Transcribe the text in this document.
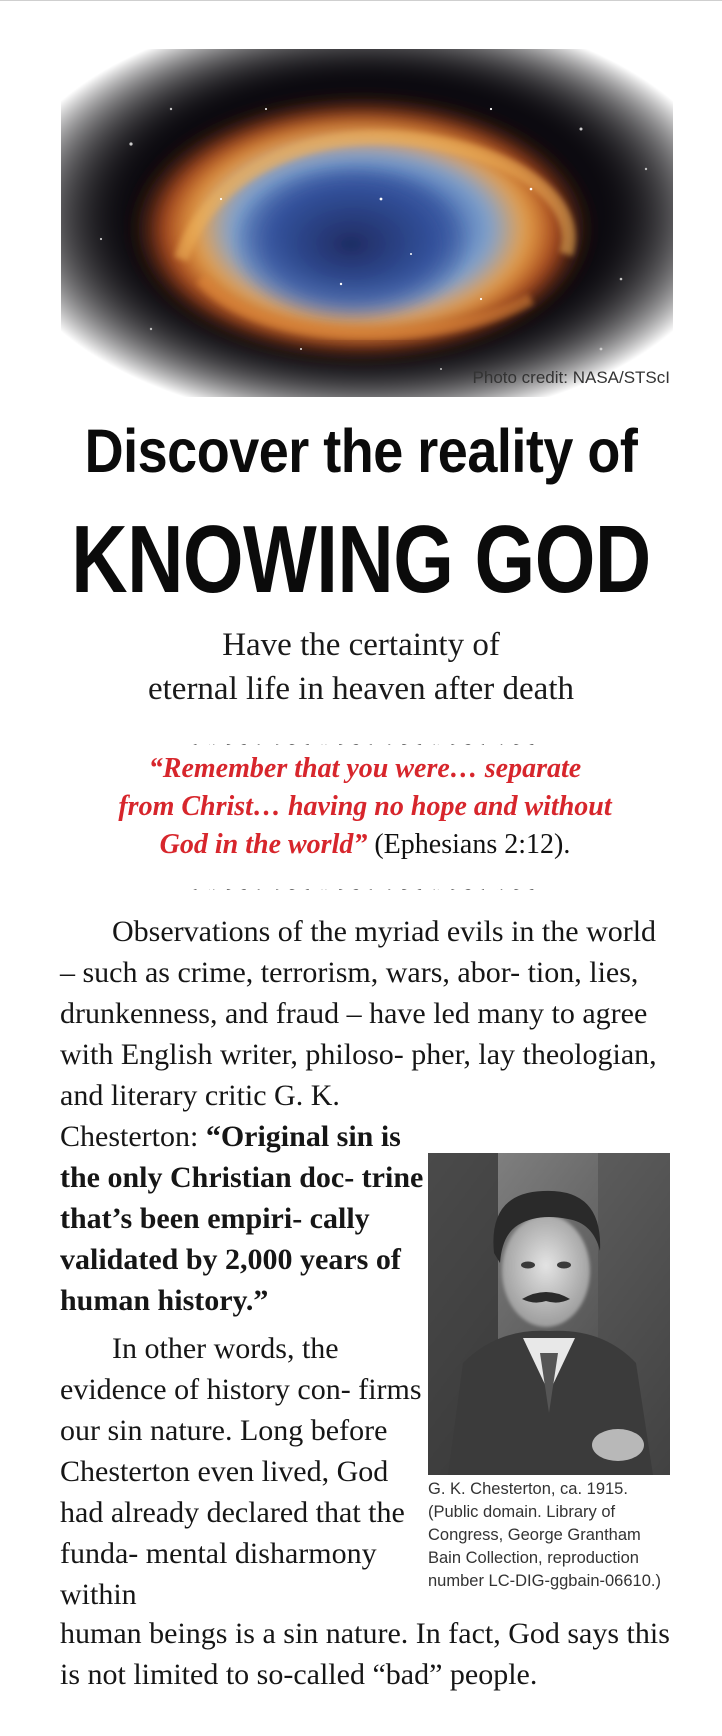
Photo credit: NASA/STScI
Discover the reality of
KNOWING GOD
Have the certainty of
eternal life in heaven after death
“Remember that you were… separate
from Christ… having no hope and without
God in the world” (Ephesians 2:12).
Observations of the myriad evils in the world – such as crime, terrorism, wars, abor- tion, lies, drunkenness, and fraud – have led many to agree with English writer, philoso- pher, lay theologian, and literary critic G. K.
Chesterton: “Original sin is the only Christian doc- trine that’s been empiri- cally validated by 2,000 years of human history.”
In other words, the evidence of history con- firms our sin nature. Long before Chesterton even lived, God had already declared that the funda- mental disharmony within
human beings is a sin nature. In fact, God says this is not limited to so-called “bad” people.
G. K. Chesterton, ca. 1915.
(Public domain. Library of
Congress, George Grantham
Bain Collection, reproduction
number LC-DIG-ggbain-06610.)
